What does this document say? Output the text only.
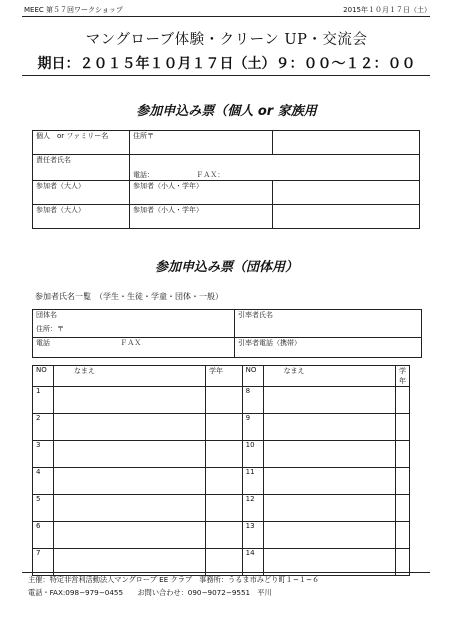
MEEC 第５７回ワークショップ	2015年１０月１７日（土）
マングローブ体験・クリーン UP・交流会
期日：２０１５年１０月１７日（土）９：００〜１２：００
参加申込み票（個人 or 家族用
個人　or ファミリー名	住所〒	
責任者氏名	電話： ＦＡＸ：	
参加者（大人）	参加者（小人・学年）	
参加者（大人）	参加者（小人・学年）	
参加申込み票（団体用）
参加者氏名一覧　（学生・生徒・学童・団体・一般）
団体名
住所：〒	引率者氏名
電話 ＦＡＸ	引率者電話（携帯）
NO	なまえ	学年	NO	なまえ	学年
1			8		
2			9		
3			10		
4			11		
5			12		
6			13		
7			14		
主催：特定非営利活動法人マングローブ EE クラブ　事務所：うるま市みどり町１−１−６
電話・FAX:098−979−0455　　お問い合わせ：090−9072−9551　平川
